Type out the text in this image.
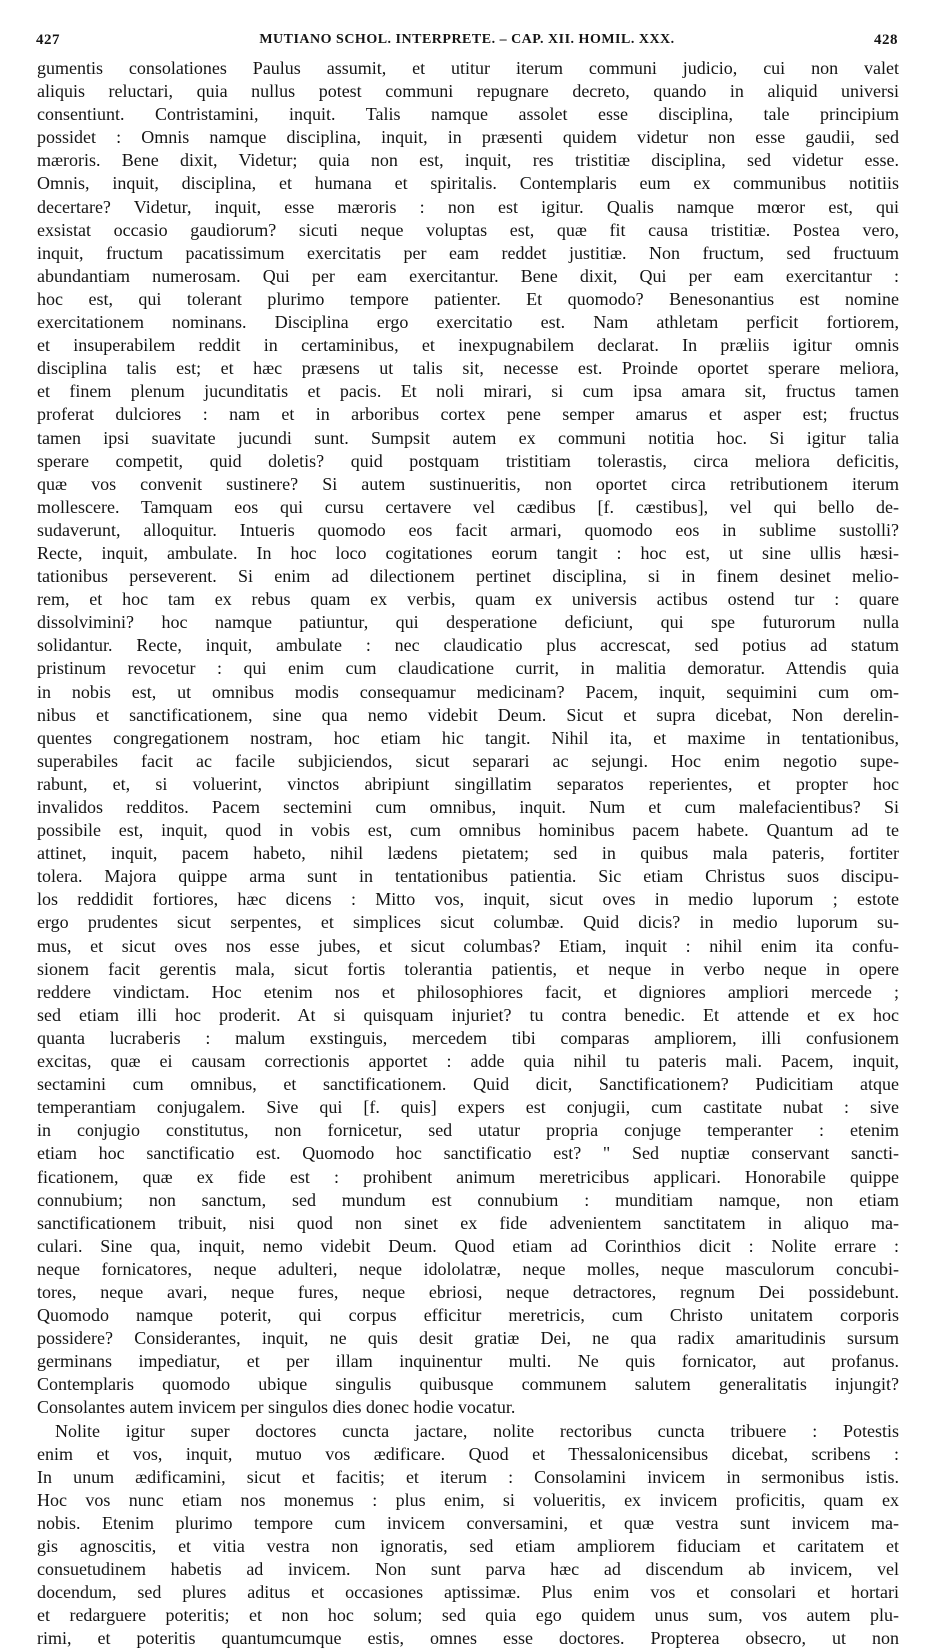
427	MUTIANO SCHOL. INTERPRETE. – CAP. XII. HOMIL. XXX.	428
gumentis consolationes Paulus assumit, et utitur iterum communi judicio, cui non valet
aliquis reluctari, quia nullus potest communi repugnare decreto, quando in aliquid universi
consentiunt. Contristamini, inquit. Talis namque assolet esse disciplina, tale principium
possidet : Omnis namque disciplina, inquit, in præsenti quidem videtur non esse gaudii, sed
mæroris. Bene dixit, Videtur; quia non est, inquit, res tristitiæ disciplina, sed videtur esse.
Omnis, inquit, disciplina, et humana et spiritalis. Contemplaris eum ex communibus notitiis
decertare? Videtur, inquit, esse mæroris : non est igitur. Qualis namque mœror est, qui
exsistat occasio gaudiorum? sicuti neque voluptas est, quæ fit causa tristitiæ. Postea vero,
inquit, fructum pacatissimum exercitatis per eam reddet justitiæ. Non fructum, sed fructuum
abundantiam numerosam. Qui per eam exercitantur. Bene dixit, Qui per eam exercitantur :
hoc est, qui tolerant plurimo tempore patienter. Et quomodo? Benesonantius est nomine
exercitationem nominans. Disciplina ergo exercitatio est. Nam athletam perficit fortiorem,
et insuperabilem reddit in certaminibus, et inexpugnabilem declarat. In præliis igitur omnis
disciplina talis est; et hæc præsens ut talis sit, necesse est. Proinde oportet sperare meliora,
et finem plenum jucunditatis et pacis. Et noli mirari, si cum ipsa amara sit, fructus tamen
proferat dulciores : nam et in arboribus cortex pene semper amarus et asper est; fructus
tamen ipsi suavitate jucundi sunt. Sumpsit autem ex communi notitia hoc. Si igitur talia
sperare competit, quid doletis? quid postquam tristitiam tolerastis, circa meliora deficitis,
quæ vos convenit sustinere? Si autem sustinueritis, non oportet circa retributionem iterum
mollescere. Tamquam eos qui cursu certavere vel cædibus [f. cæstibus], vel qui bello de-
sudaverunt, alloquitur. Intueris quomodo eos facit armari, quomodo eos in sublime sustolli?
Recte, inquit, ambulate. In hoc loco cogitationes eorum tangit : hoc est, ut sine ullis hæsi-
tationibus perseverent. Si enim ad dilectionem pertinet disciplina, si in finem desinet melio-
rem, et hoc tam ex rebus quam ex verbis, quam ex universis actibus ostend tur : quare
dissolvimini? hoc namque patiuntur, qui desperatione deficiunt, qui spe futurorum nulla
solidantur. Recte, inquit, ambulate : nec claudicatio plus accrescat, sed potius ad statum
pristinum revocetur : qui enim cum claudicatione currit, in malitia demoratur. Attendis quia
in nobis est, ut omnibus modis consequamur medicinam? Pacem, inquit, sequimini cum om-
nibus et sanctificationem, sine qua nemo videbit Deum. Sicut et supra dicebat, Non derelin-
quentes congregationem nostram, hoc etiam hic tangit. Nihil ita, et maxime in tentationibus,
superabiles facit ac facile subjiciendos, sicut separari ac sejungi. Hoc enim negotio supe-
rabunt, et, si voluerint, vinctos abripiunt singillatim separatos reperientes, et propter hoc
invalidos redditos. Pacem sectemini cum omnibus, inquit. Num et cum malefacientibus? Si
possibile est, inquit, quod in vobis est, cum omnibus hominibus pacem habete. Quantum ad te
attinet, inquit, pacem habeto, nihil lædens pietatem; sed in quibus mala pateris, fortiter
tolera. Majora quippe arma sunt in tentationibus patientia. Sic etiam Christus suos discipu-
los reddidit fortiores, hæc dicens : Mitto vos, inquit, sicut oves in medio luporum ; estote
ergo prudentes sicut serpentes, et simplices sicut columbæ. Quid dicis? in medio luporum su-
mus, et sicut oves nos esse jubes, et sicut columbas? Etiam, inquit : nihil enim ita confu-
sionem facit gerentis mala, sicut fortis tolerantia patientis, et neque in verbo neque in opere
reddere vindictam. Hoc etenim nos et philosophiores facit, et digniores ampliori mercede ;
sed etiam illi hoc proderit. At si quisquam injuriet? tu contra benedic. Et attende et ex hoc
quanta lucraberis : malum exstinguis, mercedem tibi comparas ampliorem, illi confusionem
excitas, quæ ei causam correctionis apportet : adde quia nihil tu pateris mali. Pacem, inquit,
sectamini cum omnibus, et sanctificationem. Quid dicit, Sanctificationem? Pudicitiam atque
temperantiam conjugalem. Sive qui [f. quis] expers est conjugii, cum castitate nubat : sive
in conjugio constitutus, non fornicetur, sed utatur propria conjuge temperanter : etenim
etiam hoc sanctificatio est. Quomodo hoc sanctificatio est? " Sed nuptiæ conservant sancti-
ficationem, quæ ex fide est : prohibent animum meretricibus applicari. Honorabile quippe
connubium; non sanctum, sed mundum est connubium : munditiam namque, non etiam
sanctificationem tribuit, nisi quod non sinet ex fide advenientem sanctitatem in aliquo ma-
culari. Sine qua, inquit, nemo videbit Deum. Quod etiam ad Corinthios dicit : Nolite errare :
neque fornicatores, neque adulteri, neque idololatræ, neque molles, neque masculorum concubi-
tores, neque avari, neque fures, neque ebriosi, neque detractores, regnum Dei possidebunt.
Quomodo namque poterit, qui corpus efficitur meretricis, cum Christo unitatem corporis
possidere? Considerantes, inquit, ne quis desit gratiæ Dei, ne qua radix amaritudinis sursum
germinans impediatur, et per illam inquinentur multi. Ne quis fornicator, aut profanus.
Contemplaris quomodo ubique singulis quibusque communem salutem generalitatis injungit?
Consolantes autem invicem per singulos dies donec hodie vocatur.
Nolite igitur super doctores cuncta jactare, nolite rectoribus cuncta tribuere : Potestis
enim et vos, inquit, mutuo vos ædificare. Quod et Thessalonicensibus dicebat, scribens :
In unum ædificamini, sicut et facitis; et iterum : Consolamini invicem in sermonibus istis.
Hoc vos nunc etiam nos monemus : plus enim, si volueritis, ex invicem proficitis, quam ex
nobis. Etenim plurimo tempore cum invicem conversamini, et quæ vestra sunt invicem ma-
gis agnoscitis, et vitia vestra non ignoratis, sed etiam ampliorem fiduciam et caritatem et
consuetudinem habetis ad invicem. Non sunt parva hæc ad discendum ab invicem, vel
docendum, sed plures aditus et occasiones aptissimæ. Plus enim vos et consolari et hortari
et redarguere poteritis; et non hoc solum; sed quia ego quidem unus sum, vos autem plu-
rimi, et poteritis quantumcumque estis, omnes esse doctores. Propterea obsecro, ut non
